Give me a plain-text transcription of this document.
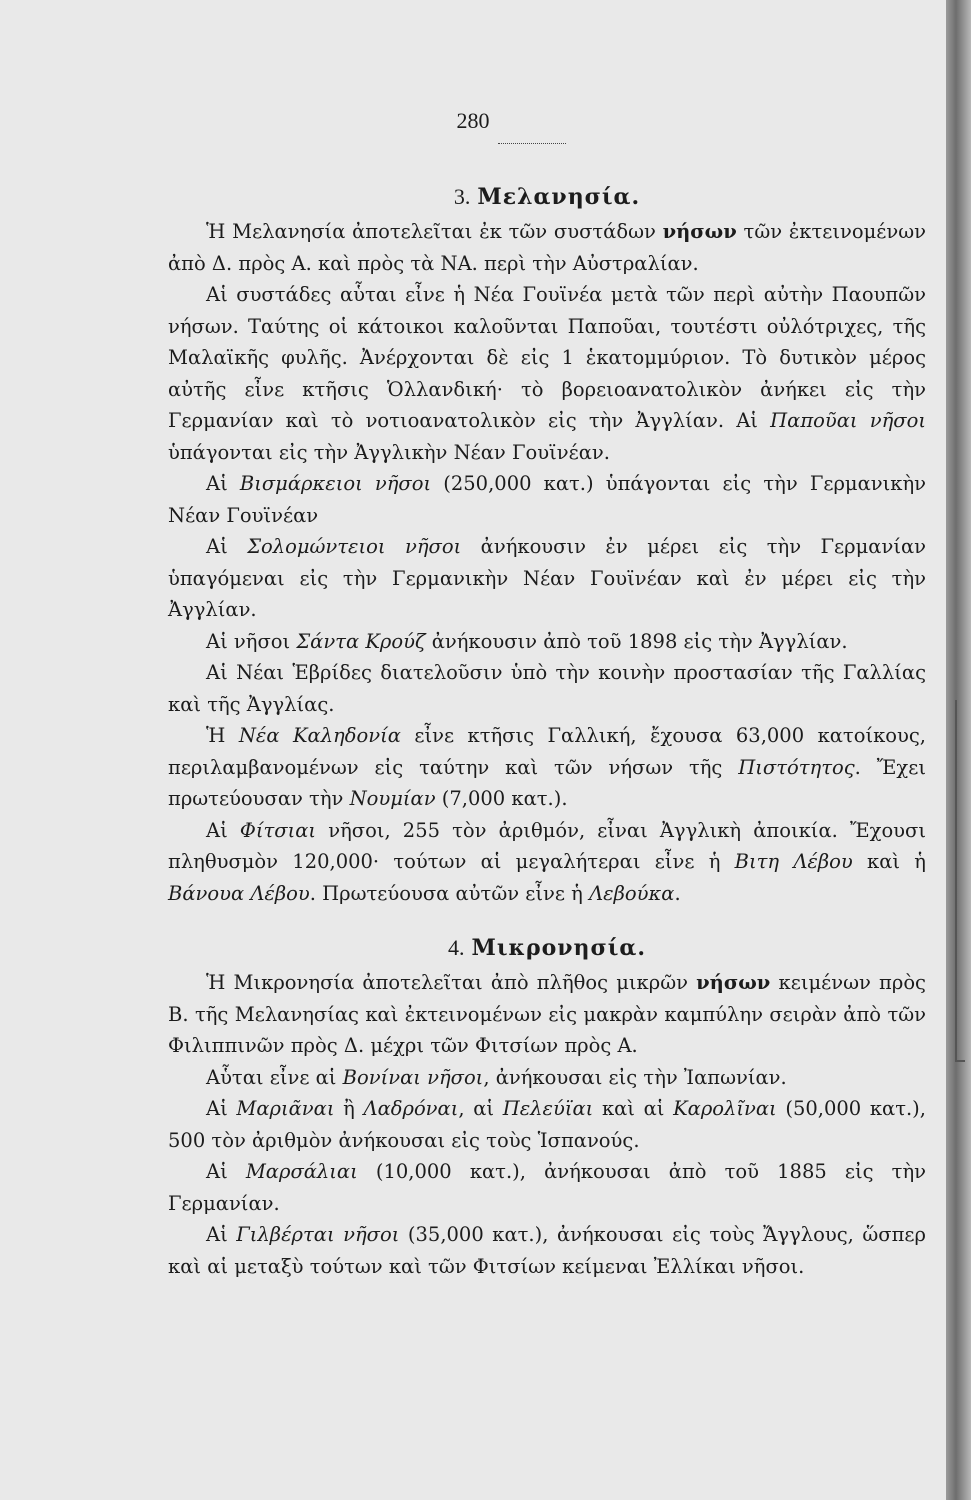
280
3. Μελανησία.

Ἡ Μελανησία ἀποτελεῖται ἐκ τῶν συστάδων νήσων τῶν ἐκτεινομένων ἀπὸ Δ. πρὸς Α. καὶ πρὸς τὰ ΝΑ. περὶ τὴν Αὐστραλίαν.

Αἱ συστάδες αὗται εἶνε ἡ Νέα Γουϊνέα μετὰ τῶν περὶ αὐτὴν Παουπῶν νήσων. Ταύτης οἱ κάτοικοι καλοῦνται Παποῦαι, τουτέστι οὐλότριχες, τῆς Μαλαϊκῆς φυλῆς. Ἀνέρχονται δὲ εἰς 1 ἑκατομμύριον. Τὸ δυτικὸν μέρος αὐτῆς εἶνε κτῆσις Ὁλλανδική· τὸ βορειοανατολικὸν ἀνήκει εἰς τὴν Γερμανίαν καὶ τὸ νοτιοανατολικὸν εἰς τὴν Ἀγγλίαν. Αἱ Παποῦαι νῆσοι ὑπάγονται εἰς τὴν Ἀγγλικὴν Νέαν Γουϊνέαν.

Αἱ Βισμάρκειοι νῆσοι (250,000 κατ.) ὑπάγονται εἰς τὴν Γερμανικὴν Νέαν Γουϊνέαν

Αἱ Σολομώντειοι νῆσοι ἀνήκουσιν ἐν μέρει εἰς τὴν Γερμανίαν ὑπαγόμεναι εἰς τὴν Γερμανικὴν Νέαν Γουϊνέαν καὶ ἐν μέρει εἰς τὴν Ἀγγλίαν.

Αἱ νῆσοι Σάντα Κρούζ ἀνήκουσιν ἀπὸ τοῦ 1898 εἰς τὴν Ἀγγλίαν.

Αἱ Νέαι Ἑβρίδες διατελοῦσιν ὑπὸ τὴν κοινὴν προστασίαν τῆς Γαλλίας καὶ τῆς Ἀγγλίας.

Ἡ Νέα Καληδονία εἶνε κτῆσις Γαλλική, ἔχουσα 63,000 κατοίκους, περιλαμβανομένων εἰς ταύτην καὶ τῶν νήσων τῆς Πιστότητος. Ἔχει πρωτεύουσαν τὴν Νουμίαν (7,000 κατ.).

Αἱ Φίτσιαι νῆσοι, 255 τὸν ἀριθμόν, εἶναι Ἀγγλικὴ ἀποικία. Ἔχουσι πληθυσμὸν 120,000· τούτων αἱ μεγαλήτεραι εἶνε ἡ Βιτη Λέβου καὶ ἡ Βάνουα Λέβου. Πρωτεύουσα αὐτῶν εἶνε ἡ Λεβούκα.

4. Μικρονησία.

Ἡ Μικρονησία ἀποτελεῖται ἀπὸ πλῆθος μικρῶν νήσων κειμένων πρὸς Β. τῆς Μελανησίας καὶ ἐκτεινομένων εἰς μακρὰν καμπύλην σειρὰν ἀπὸ τῶν Φιλιππινῶν πρὸς Δ. μέχρι τῶν Φιτσίων πρὸς Α.

Αὗται εἶνε αἱ Βονίναι νῆσοι, ἀνήκουσαι εἰς τὴν Ἰαπωνίαν.

Αἱ Μαριᾶναι ἢ Λαδρόναι, αἱ Πελεύϊαι καὶ αἱ Καρολῖναι (50,000 κατ.), 500 τὸν ἀριθμὸν ἀνήκουσαι εἰς τοὺς Ἱσπανούς.

Αἱ Μαρσάλιαι (10,000 κατ.), ἀνήκουσαι ἀπὸ τοῦ 1885 εἰς τὴν Γερμανίαν.

Αἱ Γιλβέρται νῆσοι (35,000 κατ.), ἀνήκουσαι εἰς τοὺς Ἄγγλους, ὥσπερ καὶ αἱ μεταξὺ τούτων καὶ τῶν Φιτσίων κείμεναι Ἐλλίκαι νῆσοι.
